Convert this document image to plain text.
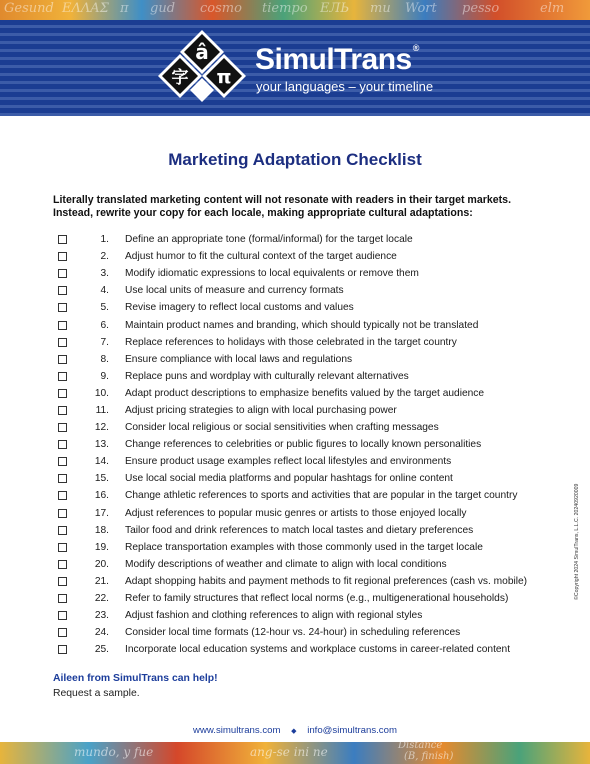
Gesund ΕΛΛΑΣ π gud cosmo tiempo ЕЛЬ mu Wort pesso	elm
â
字 π
SimulTrans®
your languages – your timeline
Marketing Adaptation Checklist
Literally translated marketing content will not resonate with readers in their target markets. Instead, rewrite your copy for each locale, making appropriate cultural adaptations:
1. Define an appropriate tone (formal/informal) for the target locale
2. Adjust humor to fit the cultural context of the target audience
3. Modify idiomatic expressions to local equivalents or remove them
4. Use local units of measure and currency formats
5. Revise imagery to reflect local customs and values
6. Maintain product names and branding, which should typically not be translated
7. Replace references to holidays with those celebrated in the target country
8. Ensure compliance with local laws and regulations
9. Replace puns and wordplay with culturally relevant alternatives
10. Adapt product descriptions to emphasize benefits valued by the target audience
11. Adjust pricing strategies to align with local purchasing power
12. Consider local religious or social sensitivities when crafting messages
13. Change references to celebrities or public figures to locally known personalities
14. Ensure product usage examples reflect local lifestyles and environments
15. Use local social media platforms and popular hashtags for online content
16. Change athletic references to sports and activities that are popular in the target country
17. Adjust references to popular music genres or artists to those enjoyed locally
18. Tailor food and drink references to match local tastes and dietary preferences
19. Replace transportation examples with those commonly used in the target locale
20. Modify descriptions of weather and climate to align with local conditions
21. Adapt shopping habits and payment methods to fit regional preferences (cash vs. mobile)
22. Refer to family structures that reflect local norms (e.g., multigenerational households)
23. Adjust fashion and clothing references to align with regional styles
24. Consider local time formats (12-hour vs. 24-hour) in scheduling references
25. Incorporate local education systems and workplace customs in career-related content
Aileen from SimulTrans can help!
Request a sample.
©Copyright 2024 SimulTrans, L.L.C. 20240920009
www.simultrans.com ◆ info@simultrans.com
mundo, y fue	ang-se ini ne	Distance
(B, finish)
